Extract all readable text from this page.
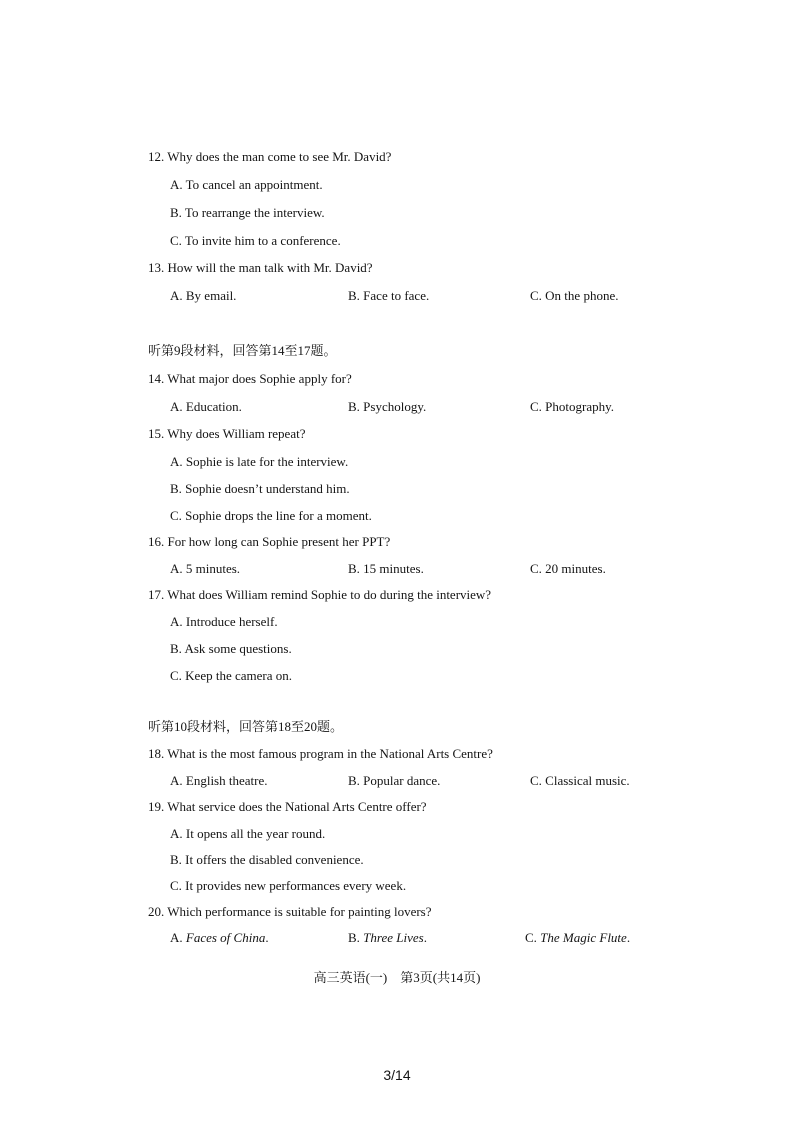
12. Why does the man come to see Mr. David?
A. To cancel an appointment.
B. To rearrange the interview.
C. To invite him to a conference.
13. How will the man talk with Mr. David?
A. By email.	B. Face to face.	C. On the phone.
听第9段材料，回答第14至17题。
14. What major does Sophie apply for?
A. Education.	B. Psychology.	C. Photography.
15. Why does William repeat?
A. Sophie is late for the interview.
B. Sophie doesn’t understand him.
C. Sophie drops the line for a moment.
16. For how long can Sophie present her PPT?
A. 5 minutes.	B. 15 minutes.	C. 20 minutes.
17. What does William remind Sophie to do during the interview?
A. Introduce herself.
B. Ask some questions.
C. Keep the camera on.
听第10段材料，回答第18至20题。
18. What is the most famous program in the National Arts Centre?
A. English theatre.	B. Popular dance.	C. Classical music.
19. What service does the National Arts Centre offer?
A. It opens all the year round.
B. It offers the disabled convenience.
C. It provides new performances every week.
20. Which performance is suitable for painting lovers?
A. Faces of China.	B. Three Lives.	C. The Magic Flute.
高三英语(一)　第3页(共14页)
3/14
